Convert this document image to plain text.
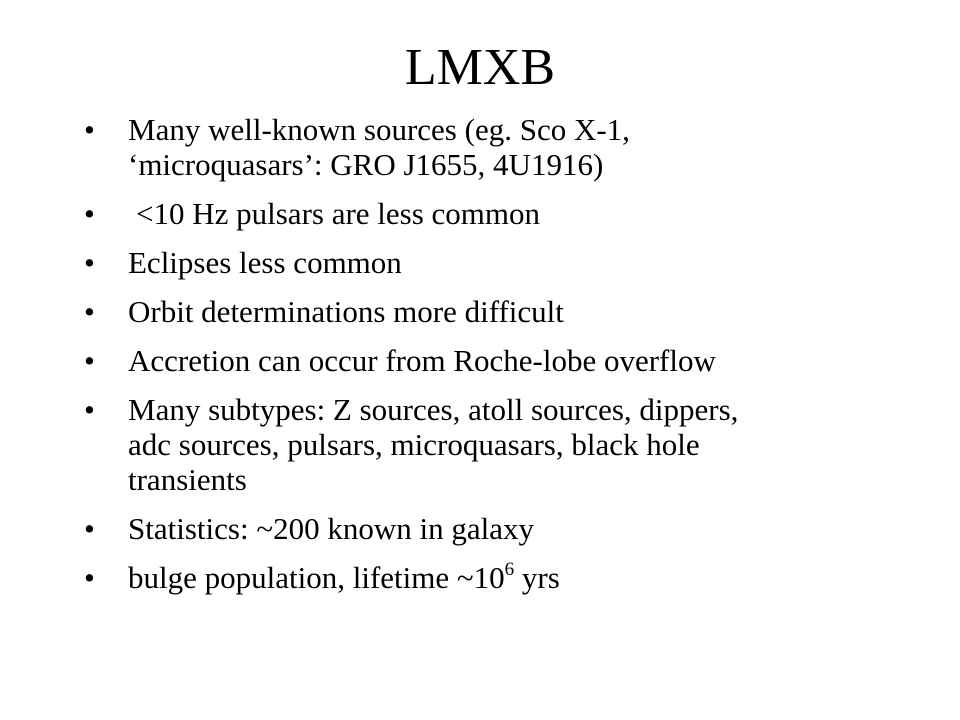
LMXB
•	Many well-known sources (eg. Sco X-1,
‘microquasars’: GRO J1655, 4U1916)
•	<10 Hz pulsars are less common
•	Eclipses less common
•	Orbit determinations more difficult
•	Accretion can occur from Roche-lobe overflow
•	Many subtypes: Z sources, atoll sources, dippers,
adc sources, pulsars, microquasars, black hole
transients
•	Statistics: ~200 known in galaxy
•	bulge population, lifetime $\sim 10^6$ yrs
